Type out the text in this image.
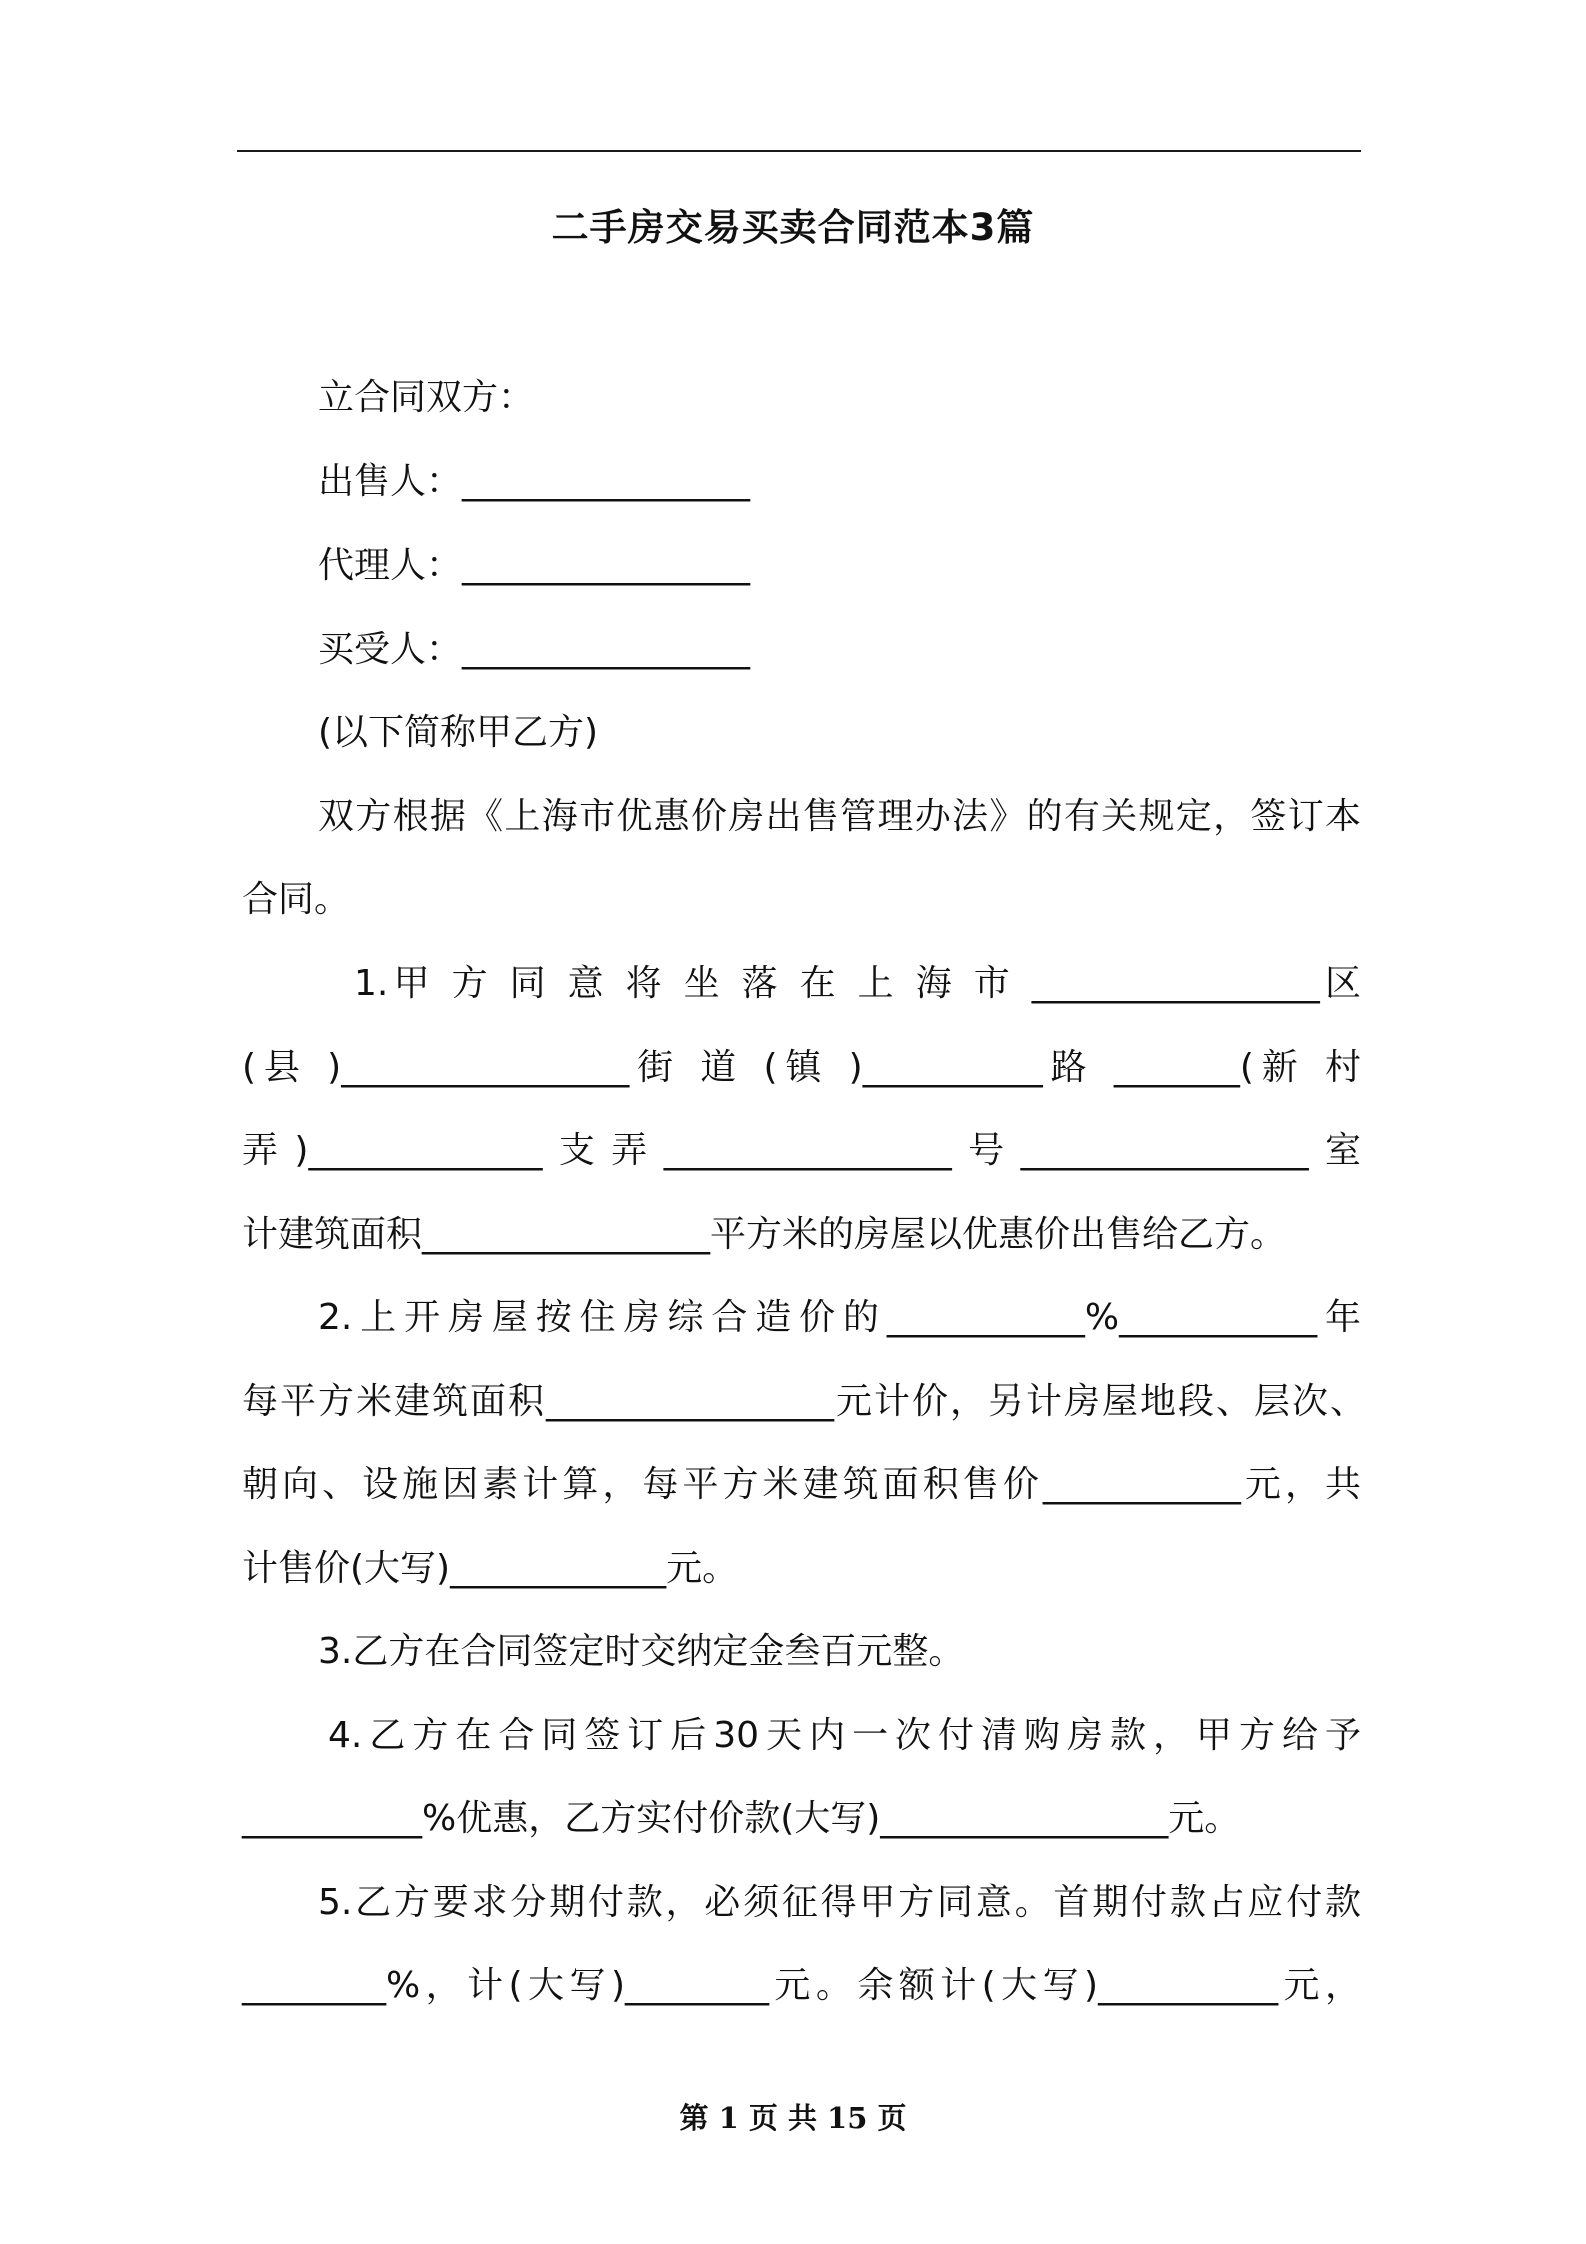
二手房交易买卖合同范本3篇
立合同双方：
出售人：________________
代理人：________________
买受人：________________
(以下简称甲乙方)
双方根据《上海市优惠价房出售管理办法》的有关规定，签订本
合同。
1.甲 方 同 意 将 坐 落 在 上 海 市 ________________区
(县 )________________街 道 (镇 )__________路 _______(新 村
弄)_____________支弄________________号________________室
计建筑面积________________平方米的房屋以优惠价出售给乙方。
2.上开房屋按住房综合造价的___________%___________年
每平方米建筑面积________________元计价，另计房屋地段、层次、
朝向、设施因素计算，每平方米建筑面积售价___________元，共
计售价(大写)____________元。
3.乙方在合同签定时交纳定金叁百元整。
4.乙方在合同签订后30天内一次付清购房款，甲方给予
__________%优惠，乙方实付价款(大写)________________元。
5.乙方要求分期付款，必须征得甲方同意。首期付款占应付款
________%，计(大写)________元。余额计(大写)__________元，
第 1 页 共 15 页
